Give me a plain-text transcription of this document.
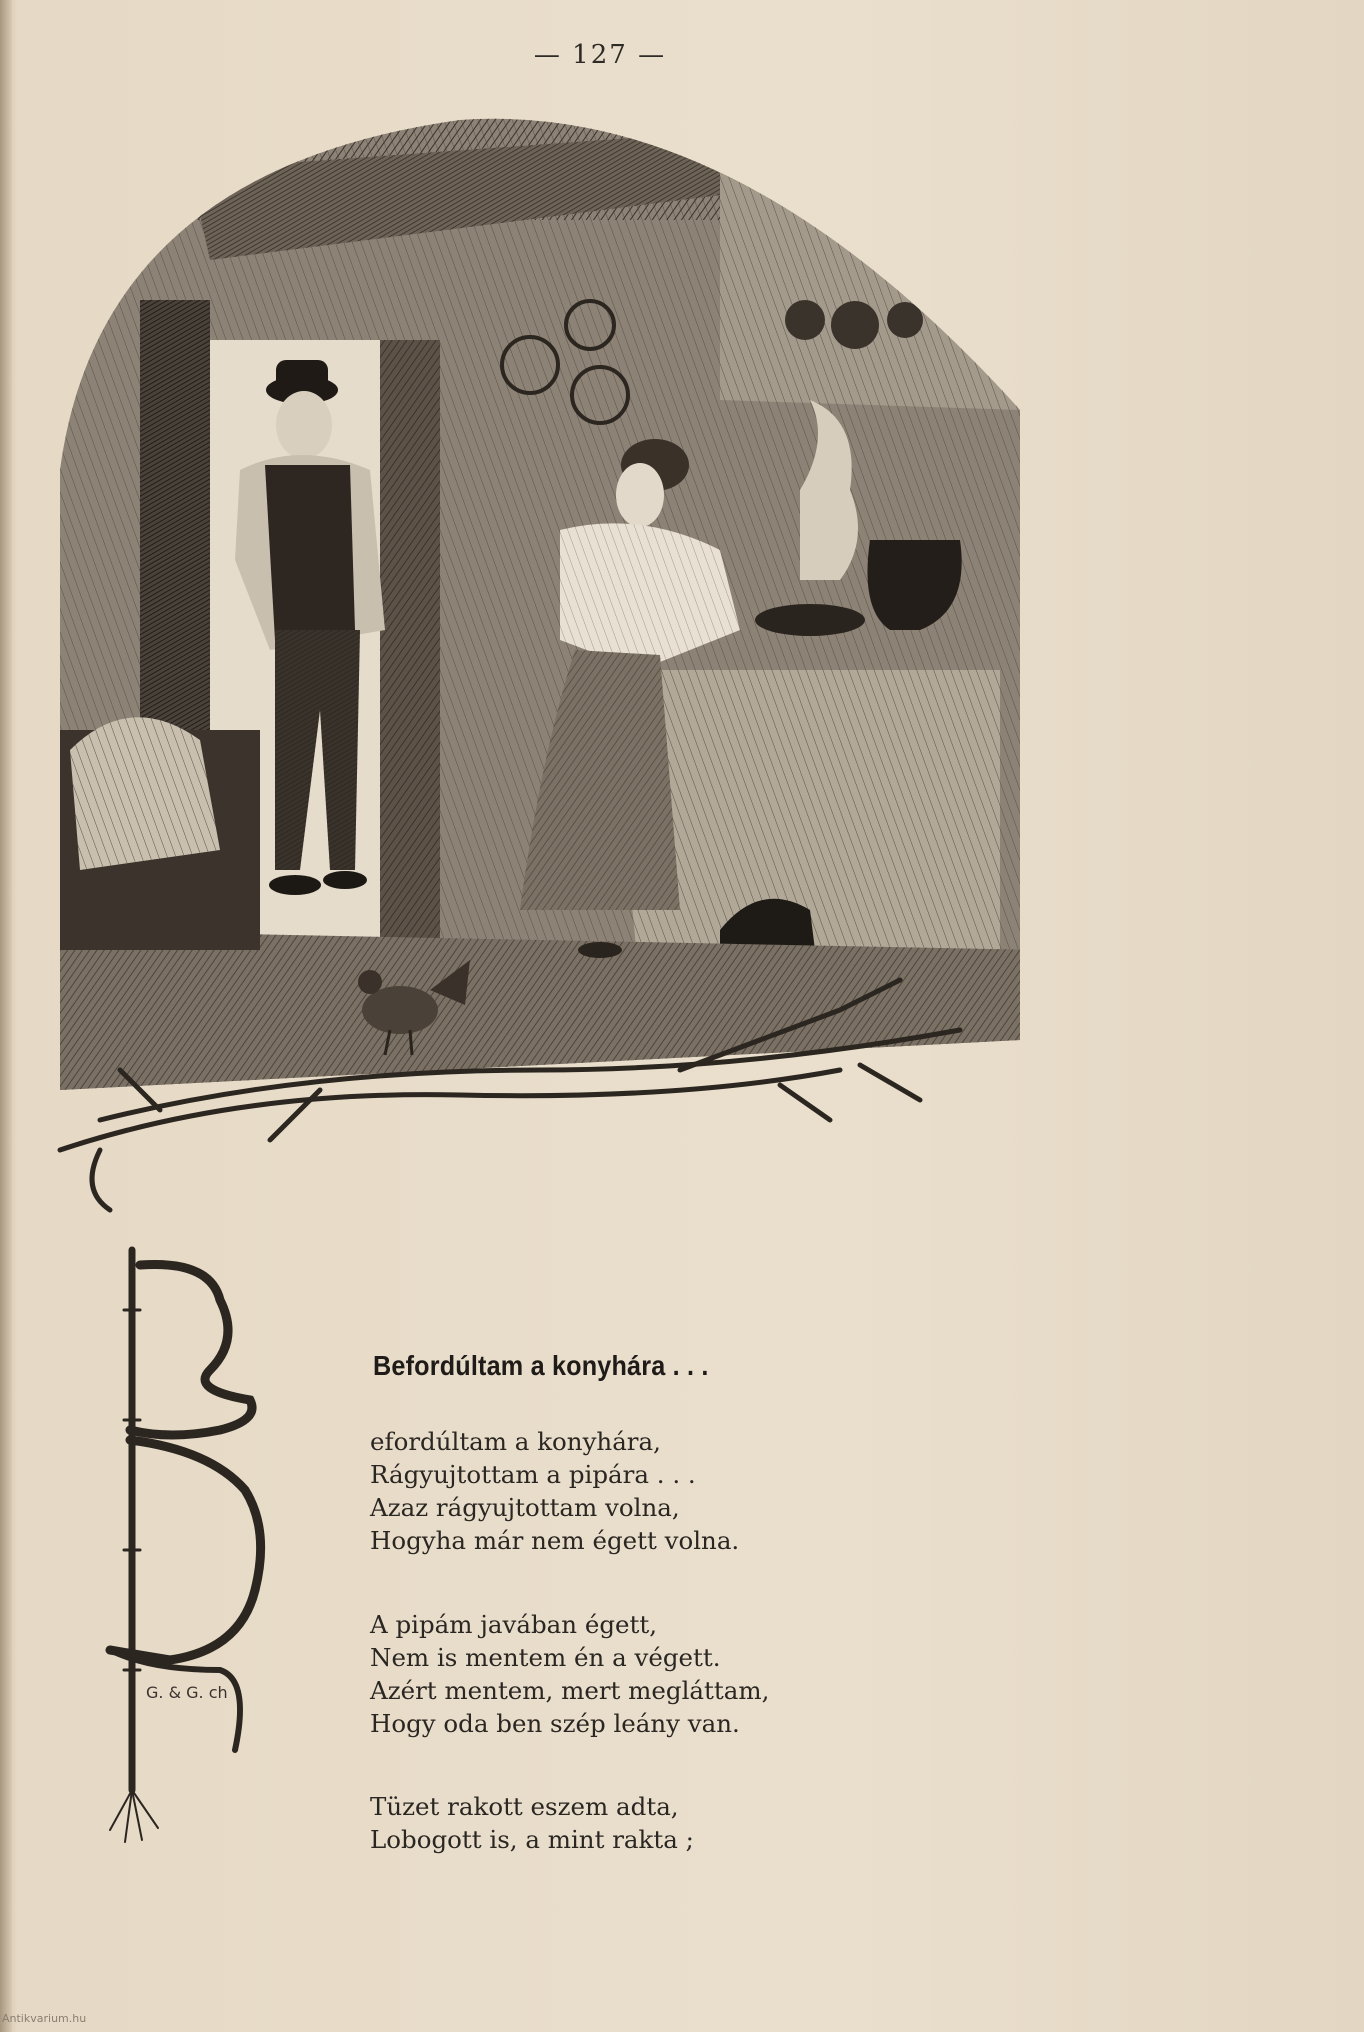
— 127 —
G. & G. ch
Befordúltam a konyhára . . .
efordúltam a konyhára,
Rágyujtottam a pipára . . .
Azaz rágyujtottam volna,
Hogyha már nem égett volna.
A pipám javában égett,
Nem is mentem én a végett.
Azért mentem, mert megláttam,
Hogy oda ben szép leány van.
Tüzet rakott eszem adta,
Lobogott is, a mint rakta ;
Antikvarium.hu
